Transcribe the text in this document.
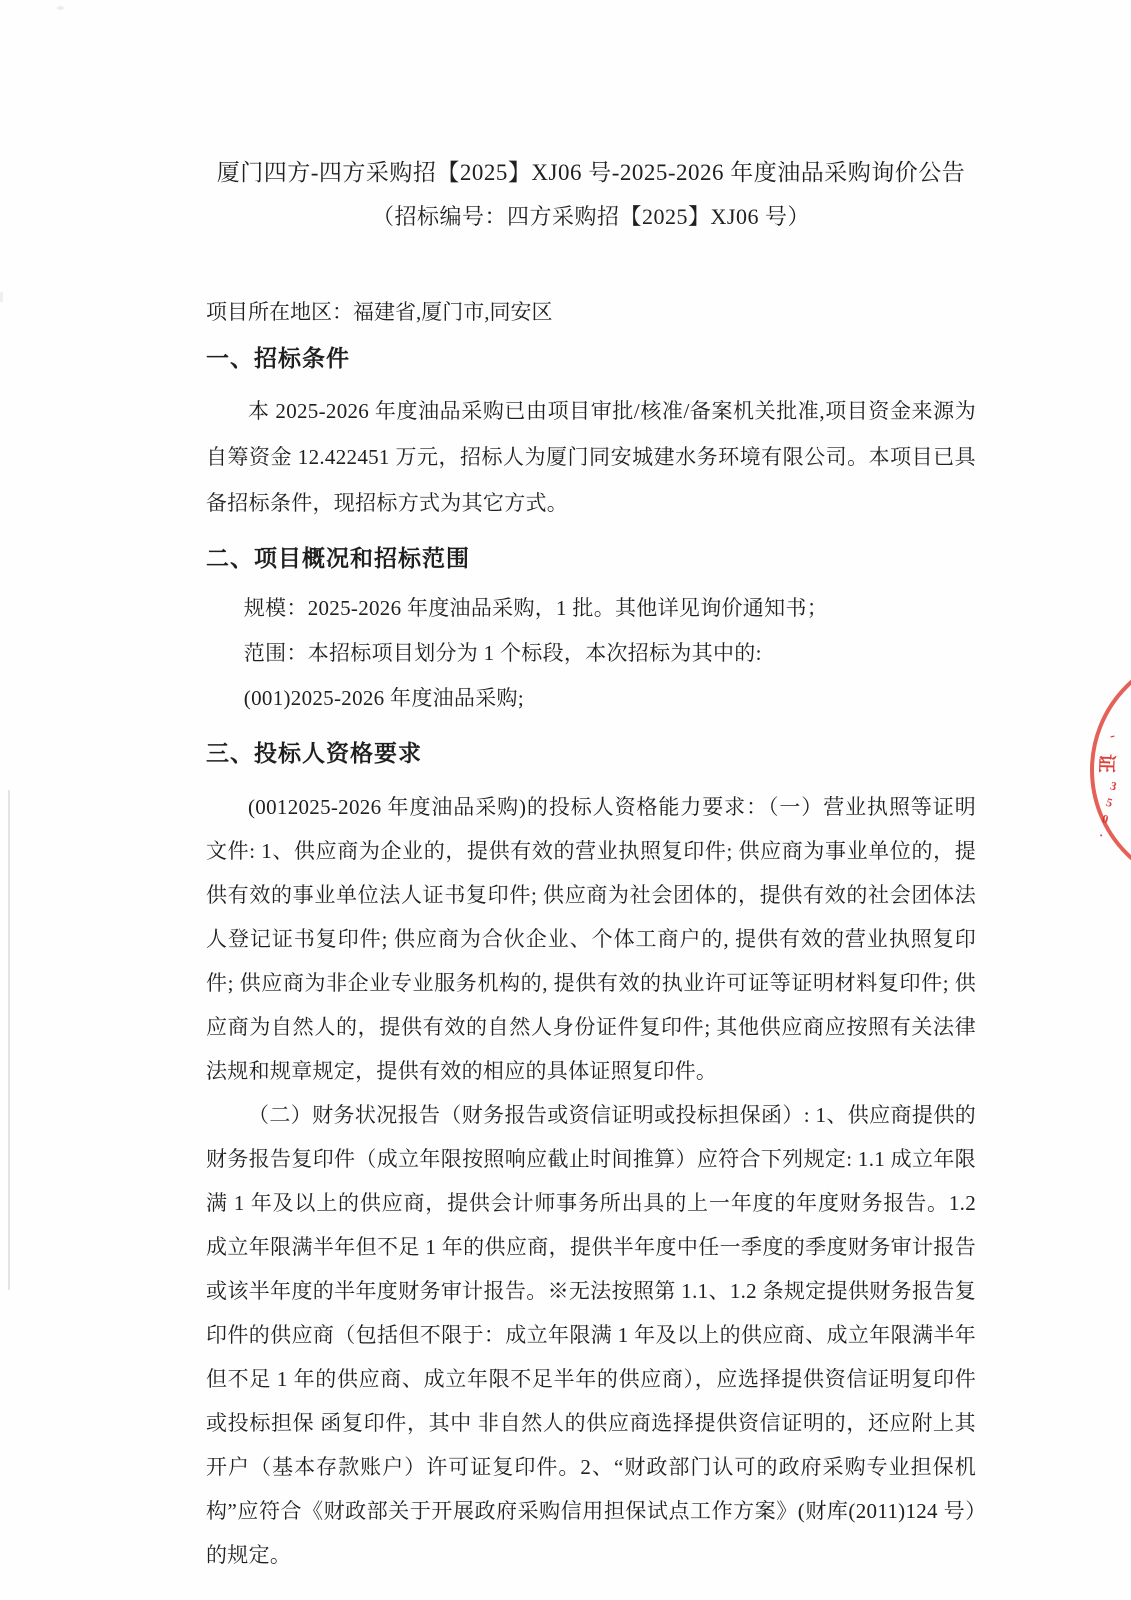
厦门四方-四方采购招【2025】XJ06 号-2025-2026 年度油品采购询价公告
（招标编号：四方采购招【2025】XJ06 号）

项目所在地区：福建省,厦门市,同安区

一、招标条件

本 2025-2026 年度油品采购已由项目审批/核准/备案机关批准,项目资金来源为自筹资金 12.422451 万元，招标人为厦门同安城建水务环境有限公司。本项目已具备招标条件，现招标方式为其它方式。

二、项目概况和招标范围

规模：2025-2026 年度油品采购，1 批。其他详见询价通知书；

范围：本招标项目划分为 1 个标段，本次招标为其中的:

(001)2025-2026 年度油品采购;

三、投标人资格要求

(0012025-2026 年度油品采购)的投标人资格能力要求：（一）营业执照等证明文件: 1、供应商为企业的，提供有效的营业执照复印件; 供应商为事业单位的，提供有效的事业单位法人证书复印件; 供应商为社会团体的，提供有效的社会团体法人登记证书复印件; 供应商为合伙企业、个体工商户的, 提供有效的营业执照复印件; 供应商为非企业专业服务机构的, 提供有效的执业许可证等证明材料复印件; 供应商为自然人的，提供有效的自然人身份证件复印件; 其他供应商应按照有关法律法规和规章规定，提供有效的相应的具体证照复印件。

（二）财务状况报告（财务报告或资信证明或投标担保函）: 1、供应商提供的财务报告复印件（成立年限按照响应截止时间推算）应符合下列规定: 1.1 成立年限满 1 年及以上的供应商，提供会计师事务所出具的上一年度的年度财务报告。1.2 成立年限满半年但不足 1 年的供应商，提供半年度中任一季度的季度财务审计报告或该半年度的半年度财务审计报告。※无法按照第 1.1、1.2 条规定提供财务报告复印件的供应商（包括但不限于：成立年限满 1 年及以上的供应商、成立年限满半年但不足 1 年的供应商、成立年限不足半年的供应商），应选择提供资信证明复印件或投标担保 函复印件，其中 非自然人的供应商选择提供资信证明的，还应附上其开户（基本存款账户）许可证复印件。2、“财政部门认可的政府采购专业担保机构”应符合《财政部关于开展政府采购信用担保试点工作方案》(财库(2011)124 号）的规定。

-
证
350·
